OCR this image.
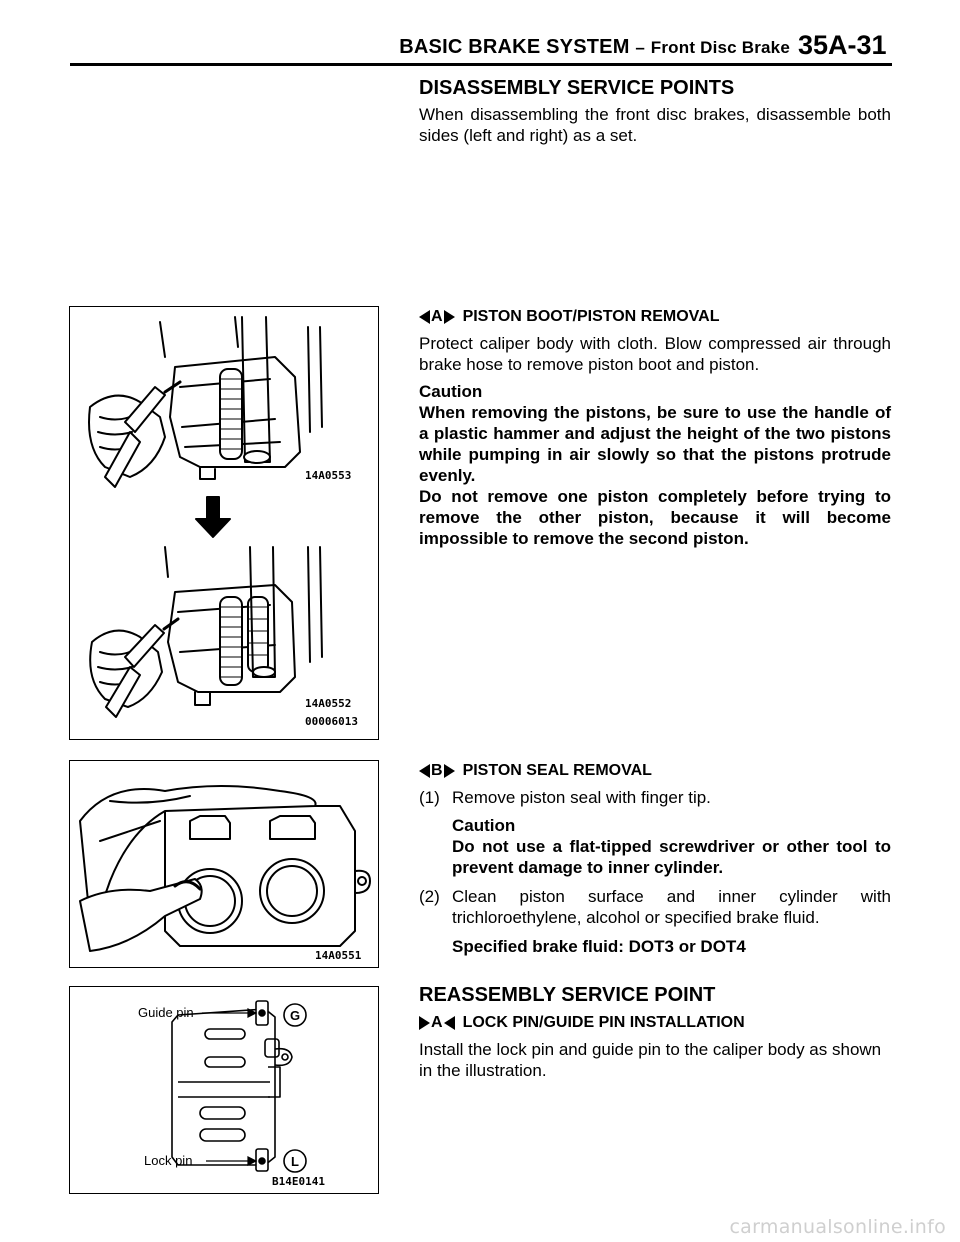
BASIC BRAKE SYSTEM – Front Disc Brake 35A-31
DISASSEMBLY SERVICE POINTS
When disassembling the front disc brakes, disassemble both sides (left and right) as a set.
A PISTON BOOT/PISTON REMOVAL
Protect caliper body with cloth. Blow compressed air through brake hose to remove piston boot and piston.
Caution
When removing the pistons, be sure to use the handle of a plastic hammer and adjust the height of the two pistons while pumping in air slowly so that the pistons protrude evenly.
Do not remove one piston completely before trying to remove the other piston, because it will become impossible to remove the second piston.
B PISTON SEAL REMOVAL
(1) Remove piston seal with finger tip.
Caution
Do not use a flat-tipped screwdriver or other tool to prevent damage to inner cylinder.
(2) Clean piston surface and inner cylinder with trichloroethylene, alcohol or specified brake fluid.
Specified brake fluid: DOT3 or DOT4
REASSEMBLY SERVICE POINT
A LOCK PIN/GUIDE PIN INSTALLATION
Install the lock pin and guide pin to the caliper body as shown in the illustration.
14A0553
14A0552
00006013
14A0551
Guide pin
Lock pin
G
L
B14E0141
carmanualsonline.info
